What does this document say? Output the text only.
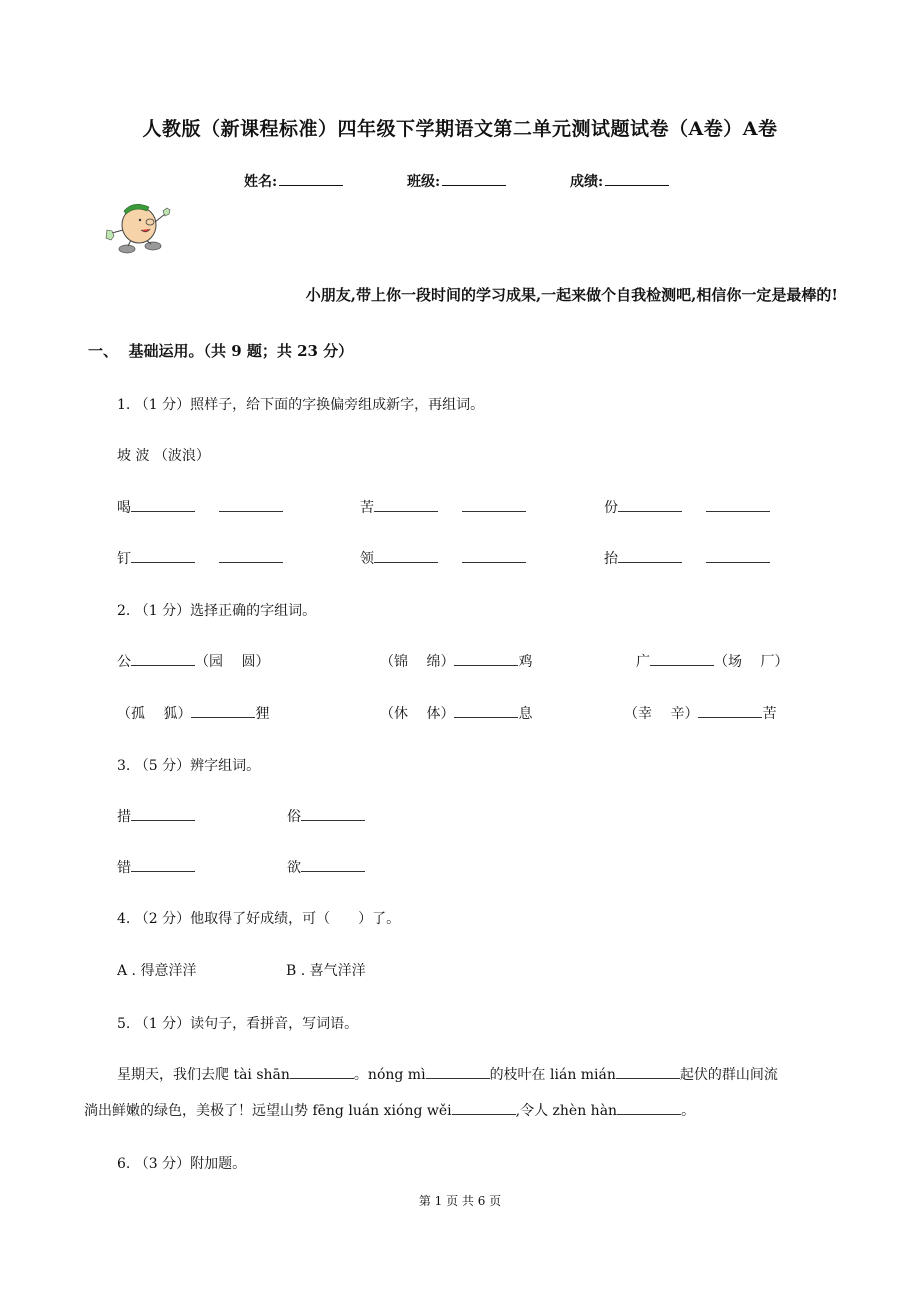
人教版（新课程标准）四年级下学期语文第二单元测试题试卷（A卷）A卷
姓名:	班级:	成绩:
小朋友,带上你一段时间的学习成果,一起来做个自我检测吧,相信你一定是最棒的!
一、 基础运用。（共 9 题；共 23 分）
1. （1 分）照样子，给下面的字换偏旁组成新字，再组词。
坡 波 （波浪）
喝	苦	份
钉	领	抬
2. （1 分）选择正确的字组词。
公	（园　 圆）	（锦　 绵）	鸡	广	（场　 厂）
（孤　 狐）	狸	（休　 体）	息	（幸　 辛）	苦
3. （5 分）辨字组词。
措	俗
错	欲
4. （2 分）他取得了好成绩，可（　　）了。
A . 得意洋洋	B . 喜气洋洋
5. （1 分）读句子，看拼音，写词语。
星期天，我们去爬 tài shān	。nóng mì	的枝叶在 lián mián	起伏的群山间流
淌出鲜嫩的绿色，美极了！远望山势 fēng luán xióng wěi	,令人 zhèn hàn	。
6. （3 分）附加题。
第 1 页 共 6 页
